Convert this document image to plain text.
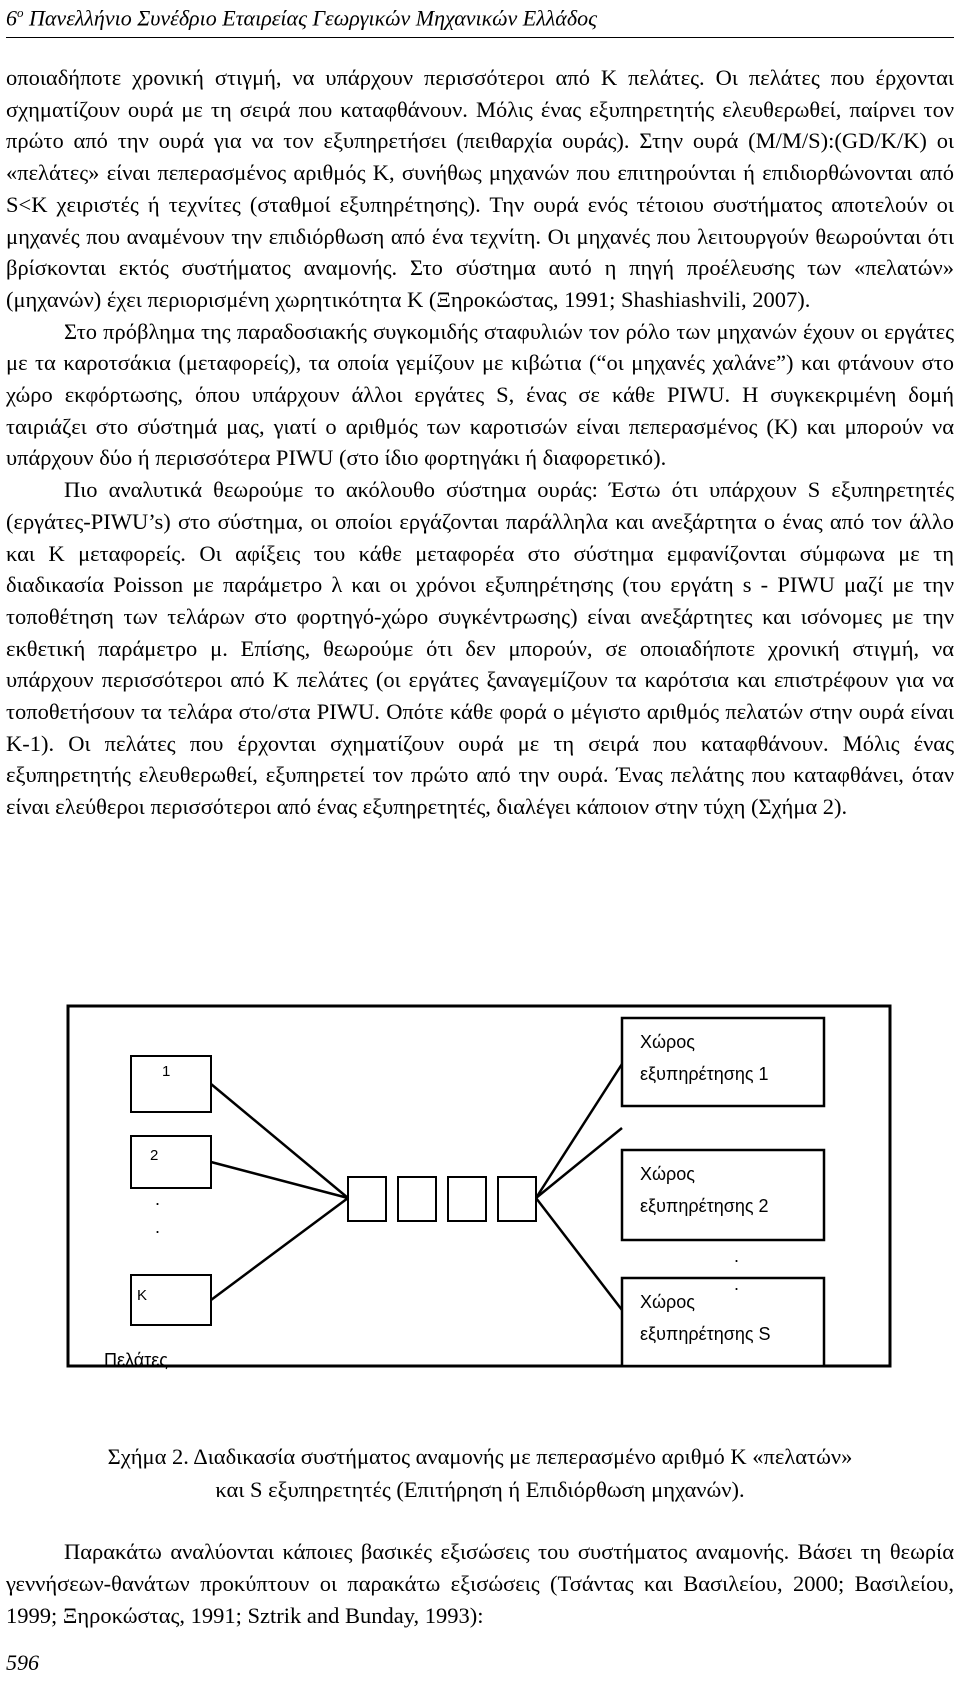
$6^o$ Πανελλήνιο Συνέδριο Εταιρείας Γεωργικών Μηχανικών Ελλάδος

οποιαδήποτε χρονική στιγμή, να υπάρχουν περισσότεροι από K πελάτες. Οι πελάτες που έρχονται σχηματίζουν ουρά με τη σειρά που καταφθάνουν. Μόλις ένας εξυπηρετητής ελευθερωθεί, παίρνει τον πρώτο από την ουρά για να τον εξυπηρετήσει (πειθαρχία ουράς). Στην ουρά (M/M/S):(GD/K/K) οι «πελάτες» είναι πεπερασμένος αριθμός K, συνήθως μηχανών που επιτηρούνται ή επιδιορθώνονται από S<K χειριστές ή τεχνίτες (σταθμοί εξυπηρέτησης). Την ουρά ενός τέτοιου συστήματος αποτελούν οι μηχανές που αναμένουν την επιδιόρθωση από ένα τεχνίτη. Οι μηχανές που λειτουργούν θεωρούνται ότι βρίσκονται εκτός συστήματος αναμονής. Στο σύστημα αυτό η πηγή προέλευσης των «πελατών» (μηχανών) έχει περιορισμένη χωρητικότητα K (Ξηροκώστας, 1991; Shashiashvili, 2007).

Στο πρόβλημα της παραδοσιακής συγκομιδής σταφυλιών τον ρόλο των μηχανών έχουν οι εργάτες με τα καροτσάκια (μεταφορείς), τα οποία γεμίζουν με κιβώτια (“οι μηχανές χαλάνε”) και φτάνουν στο χώρο εκφόρτωσης, όπου υπάρχουν άλλοι εργάτες S, ένας σε κάθε PIWU. Η συγκεκριμένη δομή ταιριάζει στο σύστημά μας, γιατί ο αριθμός των καροτισών είναι πεπερασμένος (K) και μπορούν να υπάρχουν δύο ή περισσότερα PIWU (στο ίδιο φορτηγάκι ή διαφορετικό).

Πιο αναλυτικά θεωρούμε το ακόλουθο σύστημα ουράς: Έστω ότι υπάρχουν S εξυπηρετητές (εργάτες-PIWU’s) στο σύστημα, οι οποίοι εργάζονται παράλληλα και ανεξάρτητα ο ένας από τον άλλο και K μεταφορείς. Οι αφίξεις του κάθε μεταφορέα στο σύστημα εμφανίζονται σύμφωνα με τη διαδικασία Poisson με παράμετρο λ και οι χρόνοι εξυπηρέτησης (του εργάτη s - PIWU μαζί με την τοποθέτηση των τελάρων στο φορτηγό-χώρο συγκέντρωσης) είναι ανεξάρτητες και ισόνομες με την εκθετική παράμετρο μ. Επίσης, θεωρούμε ότι δεν μπορούν, σε οποιαδήποτε χρονική στιγμή, να υπάρχουν περισσότεροι από K πελάτες (οι εργάτες ξαναγεμίζουν τα καρότσια και επιστρέφουν για να τοποθετήσουν τα τελάρα στο/στα PIWU. Οπότε κάθε φορά ο μέγιστο αριθμός πελατών στην ουρά είναι K-1). Οι πελάτες που έρχονται σχηματίζουν ουρά με τη σειρά που καταφθάνουν. Μόλις ένας εξυπηρετητής ελευθερωθεί, εξυπηρετεί τον πρώτο από την ουρά. Ένας πελάτης που καταφθάνει, όταν είναι ελεύθεροι περισσότεροι από ένας εξυπηρετητές, διαλέγει κάποιον στην τύχη (Σχήμα 2).

1
2
.
.
K
Πελάτες
Χώρος
εξυπηρέτησης 1
Χώρος
εξυπηρέτησης 2
.
.
Χώρος
εξυπηρέτησης S
Σχήμα 2. Διαδικασία συστήματος αναμονής με πεπερασμένο αριθμό K «πελατών»
και S εξυπηρετητές (Επιτήρηση ή Επιδιόρθωση μηχανών).

Παρακάτω αναλύονται κάποιες βασικές εξισώσεις του συστήματος αναμονής. Βάσει τη θεωρία γεννήσεων-θανάτων προκύπτουν οι παρακάτω εξισώσεις (Τσάντας και Βασιλείου, 2000; Βασιλείου, 1999; Ξηροκώστας, 1991; Sztrik and Bunday, 1993):

596
